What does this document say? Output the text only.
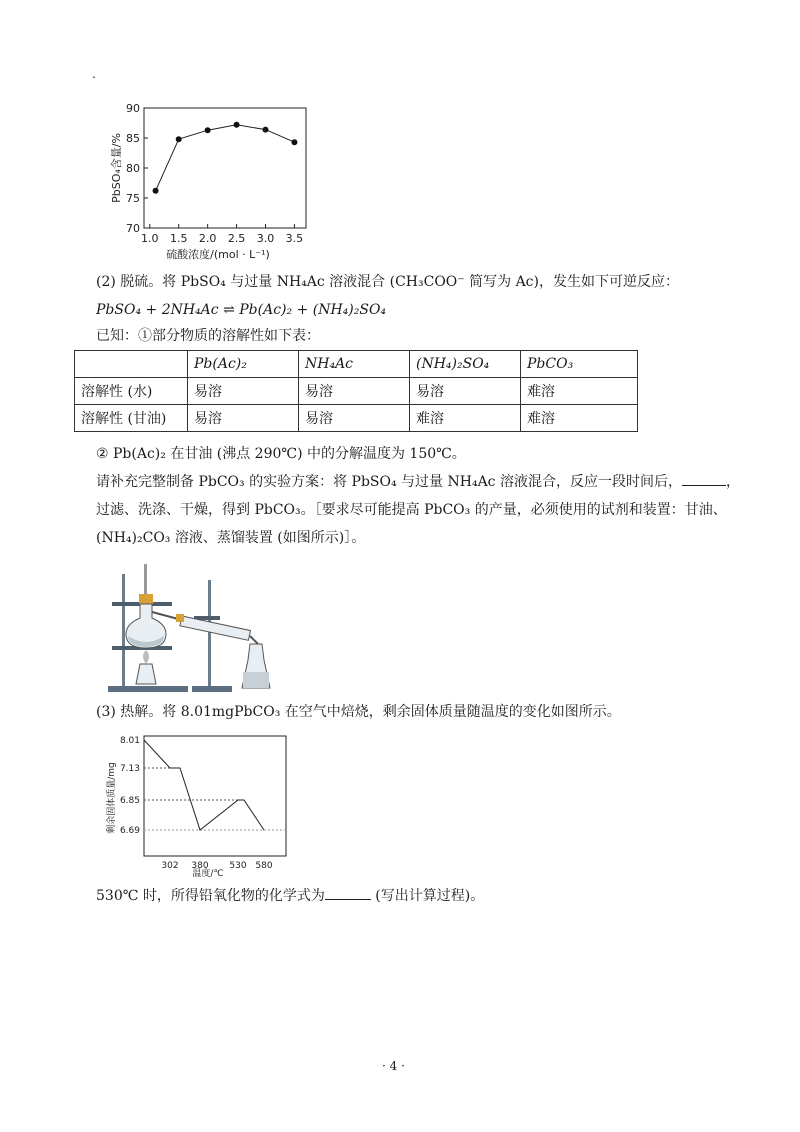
.
70
75
80
85
90
1.0 1.5 2.0 2.5 3.0 3.5
PbSO₄含量/%
硫酸浓度/(mol · L⁻¹)
(2) 脱硫。将 PbSO₄ 与过量 NH₄Ac 溶液混合 (CH₃COO⁻ 简写为 Ac)，发生如下可逆反应：
PbSO₄ + 2NH₄Ac ⇌ Pb(Ac)₂ + (NH₄)₂SO₄
已知：①部分物质的溶解性如下表：
	Pb(Ac)₂	NH₄Ac	(NH₄)₂SO₄	PbCO₃
溶解性 (水)	易溶	易溶	易溶	难溶
溶解性 (甘油)	易溶	易溶	难溶	难溶
② Pb(Ac)₂ 在甘油 (沸点 290℃) 中的分解温度为 150℃。
请补充完整制备 PbCO₃ 的实验方案：将 PbSO₄ 与过量 NH₄Ac 溶液混合，反应一段时间后，	，
过滤、洗涤、干燥，得到 PbCO₃。［要求尽可能提高 PbCO₃ 的产量，必须使用的试剂和装置：甘油、
(NH₄)₂CO₃ 溶液、蒸馏装置 (如图所示)］。
(3) 热解。将 8.01mgPbCO₃ 在空气中焙烧，剩余固体质量随温度的变化如图所示。
8.01
7.13
6.85
6.69
302 380 530 580
剩余固体质量/mg
温度/℃
530℃ 时，所得铅氧化物的化学式为	(写出计算过程)。
· 4 ·
